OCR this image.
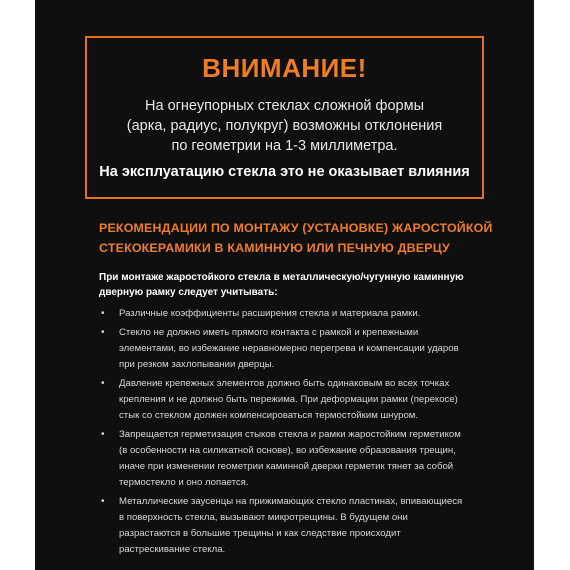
ВНИМАНИЕ!
На огнеупорных стеклах сложной формы
(арка, радиус, полукруг) возможны отклонения
по геометрии на 1-3 миллиметра.
На эксплуатацию стекла это не оказывает влияния
РЕКОМЕНДАЦИИ ПО МОНТАЖУ (УСТАНОВКЕ) ЖАРОСТОЙКОЙ
СТЕКОКЕРАМИКИ В КАМИННУЮ ИЛИ ПЕЧНУЮ ДВЕРЦУ
При монтаже жаростойкого стекла в металлическую/чугунную каминную
дверную рамку следует учитывать:
• Различные коэффициенты расширения стекла и материала рамки.
• Стекло не должно иметь прямого контакта с рамкой и крепежными
элементами, во избежание неравномерно перегрева и компенсации ударов
при резком захлопывании дверцы.
• Давление крепежных элементов должно быть одинаковым во всех точках
крепления и не должно быть пережима. При деформации рамки (перекосе)
стык со стеклом должен компенсироваться термостойким шнуром.
• Запрещается герметизация стыков стекла и рамки жаростойким герметиком
(в особенности на силикатной основе), во избежание образования трещин,
иначе при изменении геометрии каминной дверки герметик тянет за собой
термостекло и оно лопается.
• Металлические заусенцы на прижимающих стекло пластинах, впивающиеся
в поверхность стекла, вызывают микротрещины. В будущем они
разрастаются в большие трещины и как следствие происходит
растрескивание стекла.
